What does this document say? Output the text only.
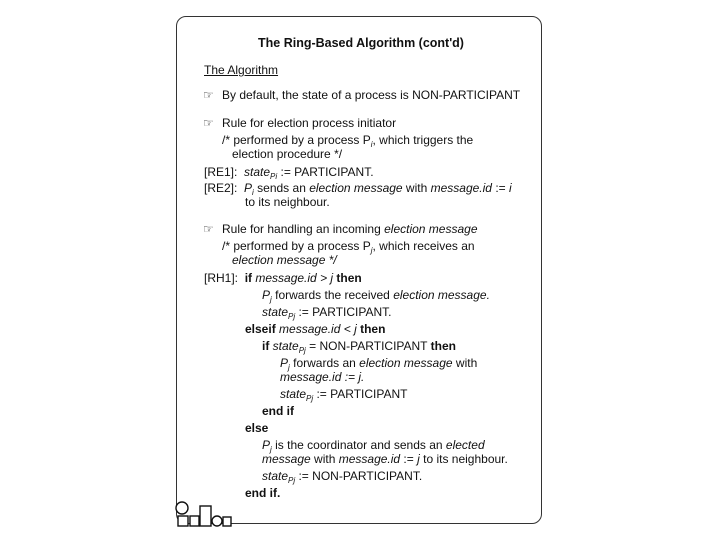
The Ring-Based Algorithm (cont'd)
The Algorithm
☞ By default, the state of a process is NON-PARTICIPANT
☞ Rule for election process initiator
/* performed by a process $P_i$, which triggers the
election procedure */
[RE1]: state$_{Pi}$ := PARTICIPANT.
[RE2]: $P_i$ sends an election message with message.id := i
to its neighbour.
☞ Rule for handling an incoming election message
/* performed by a process $P_j$, which receives an
election message */
[RH1]: if message.id > j then
$P_j$ forwards the received election message.
state$_{Pj}$ := PARTICIPANT.
elseif message.id < j then
if state$_{Pj}$ = NON-PARTICIPANT then
$P_j$ forwards an election message with
message.id := j.
state$_{Pj}$ := PARTICIPANT
end if
else
$P_j$ is the coordinator and sends an elected
message with message.id := j to its neighbour.
state$_{Pj}$ := NON-PARTICIPANT.
end if.
